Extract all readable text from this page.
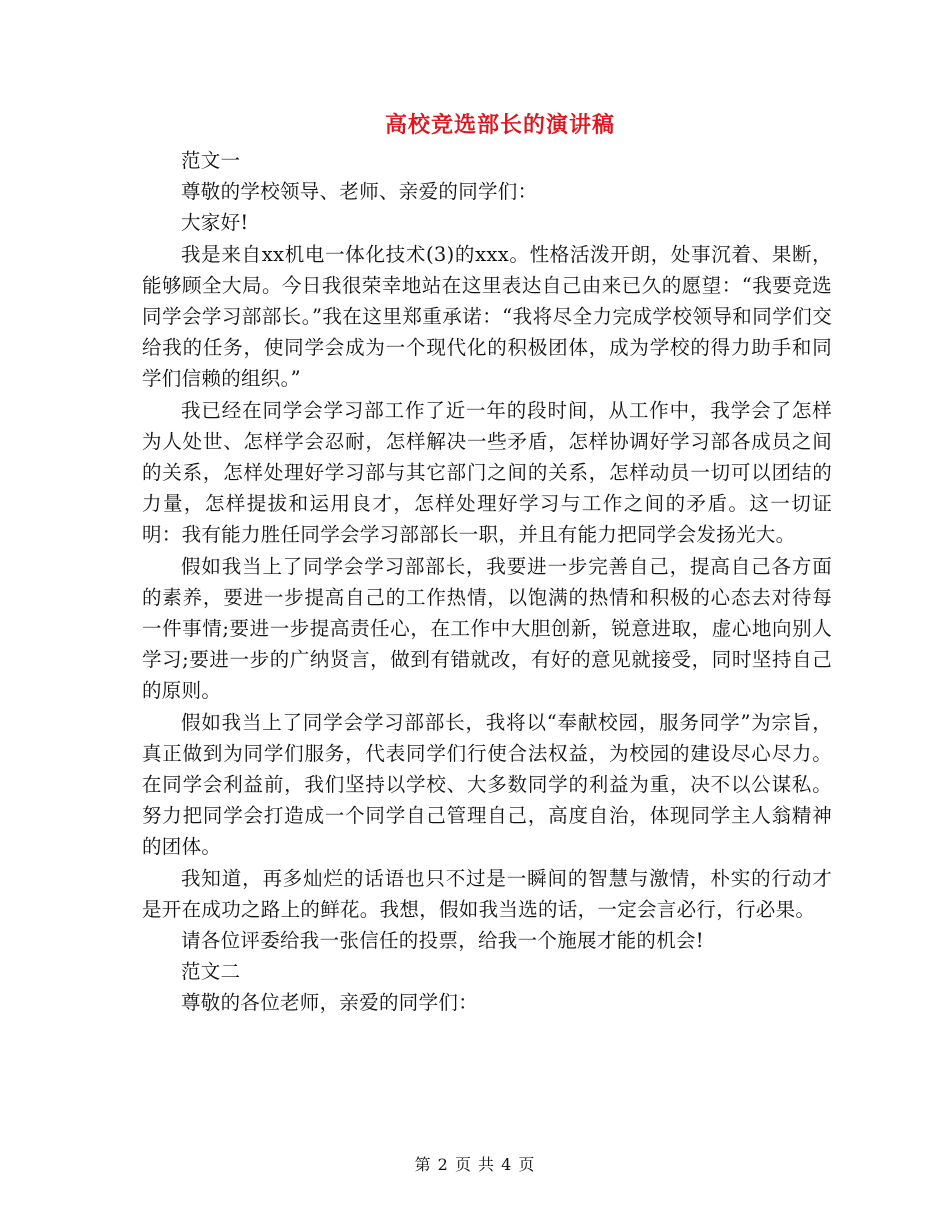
高校竞选部长的演讲稿

范文一

尊敬的学校领导、老师、亲爱的同学们：

大家好!

我是来自xx机电一体化技术(3)的xxx。性格活泼开朗，处事沉着、果断，能够顾全大局。今日我很荣幸地站在这里表达自己由来已久的愿望：“我要竞选同学会学习部部长。”我在这里郑重承诺：“我将尽全力完成学校领导和同学们交给我的任务，使同学会成为一个现代化的积极团体，成为学校的得力助手和同学们信赖的组织。”

我已经在同学会学习部工作了近一年的段时间，从工作中，我学会了怎样为人处世、怎样学会忍耐，怎样解决一些矛盾，怎样协调好学习部各成员之间的关系，怎样处理好学习部与其它部门之间的关系，怎样动员一切可以团结的力量，怎样提拔和运用良才，怎样处理好学习与工作之间的矛盾。这一切证明：我有能力胜任同学会学习部部长一职，并且有能力把同学会发扬光大。

假如我当上了同学会学习部部长，我要进一步完善自己，提高自己各方面的素养，要进一步提高自己的工作热情，以饱满的热情和积极的心态去对待每一件事情;要进一步提高责任心，在工作中大胆创新，锐意进取，虚心地向别人学习;要进一步的广纳贤言，做到有错就改，有好的意见就接受，同时坚持自己的原则。

假如我当上了同学会学习部部长，我将以“奉献校园，服务同学”为宗旨，真正做到为同学们服务，代表同学们行使合法权益，为校园的建设尽心尽力。在同学会利益前，我们坚持以学校、大多数同学的利益为重，决不以公谋私。努力把同学会打造成一个同学自己管理自己，高度自治，体现同学主人翁精神的团体。

我知道，再多灿烂的话语也只不过是一瞬间的智慧与激情，朴实的行动才是开在成功之路上的鲜花。我想，假如我当选的话，一定会言必行，行必果。

请各位评委给我一张信任的投票，给我一个施展才能的机会!

范文二

尊敬的各位老师，亲爱的同学们：

第 2 页 共 4 页
